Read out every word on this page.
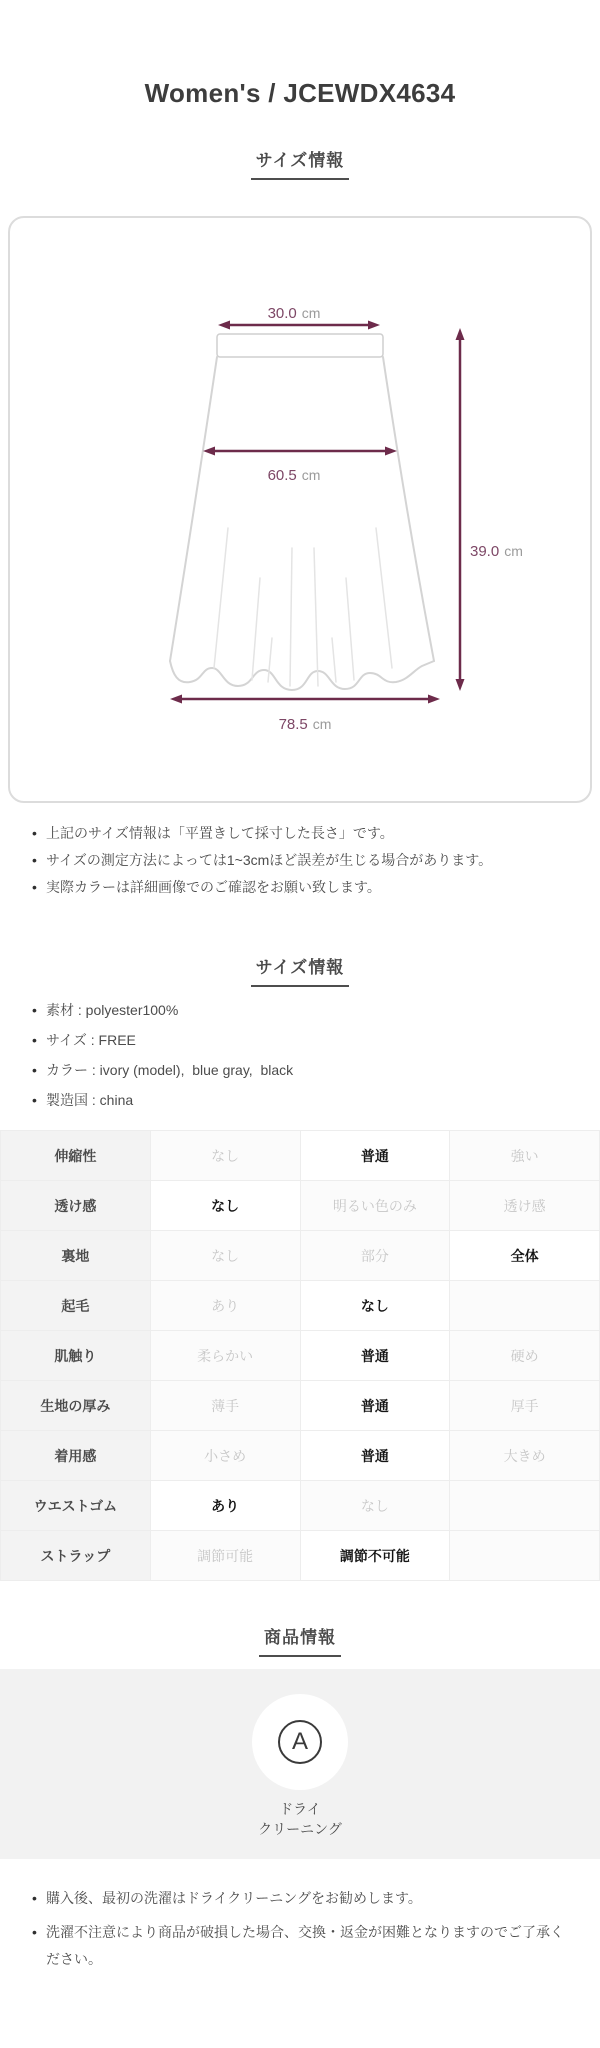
Women's / JCEWDX4634
サイズ情報
30.0 cm
60.5 cm
78.5 cm
39.0 cm
• 上記のサイズ情報は「平置きして採寸した長さ」です。
• サイズの測定方法によっては1~3cmほど誤差が生じる場合があります。
• 実際カラーは詳細画像でのご確認をお願い致します。
サイズ情報
• 素材 : polyester100%
• サイズ : FREE
• カラー : ivory (model),  blue gray,  black
• 製造国 : china
伸縮性	なし	普通	強い
透け感	なし	明るい色のみ	透け感
裏地	なし	部分	全体
起毛	あり	なし	
肌触り	柔らかい	普通	硬め
生地の厚み	薄手	普通	厚手
着用感	小さめ	普通	大きめ
ウエストゴム	あり	なし	
ストラップ	調節可能	調節不可能	
商品情報
A
ドライ
クリーニング
• 購入後、最初の洗濯はドライクリーニングをお勧めします。
• 洗濯不注意により商品が破損した場合、交換・返金が困難となりますのでご了承ください。
